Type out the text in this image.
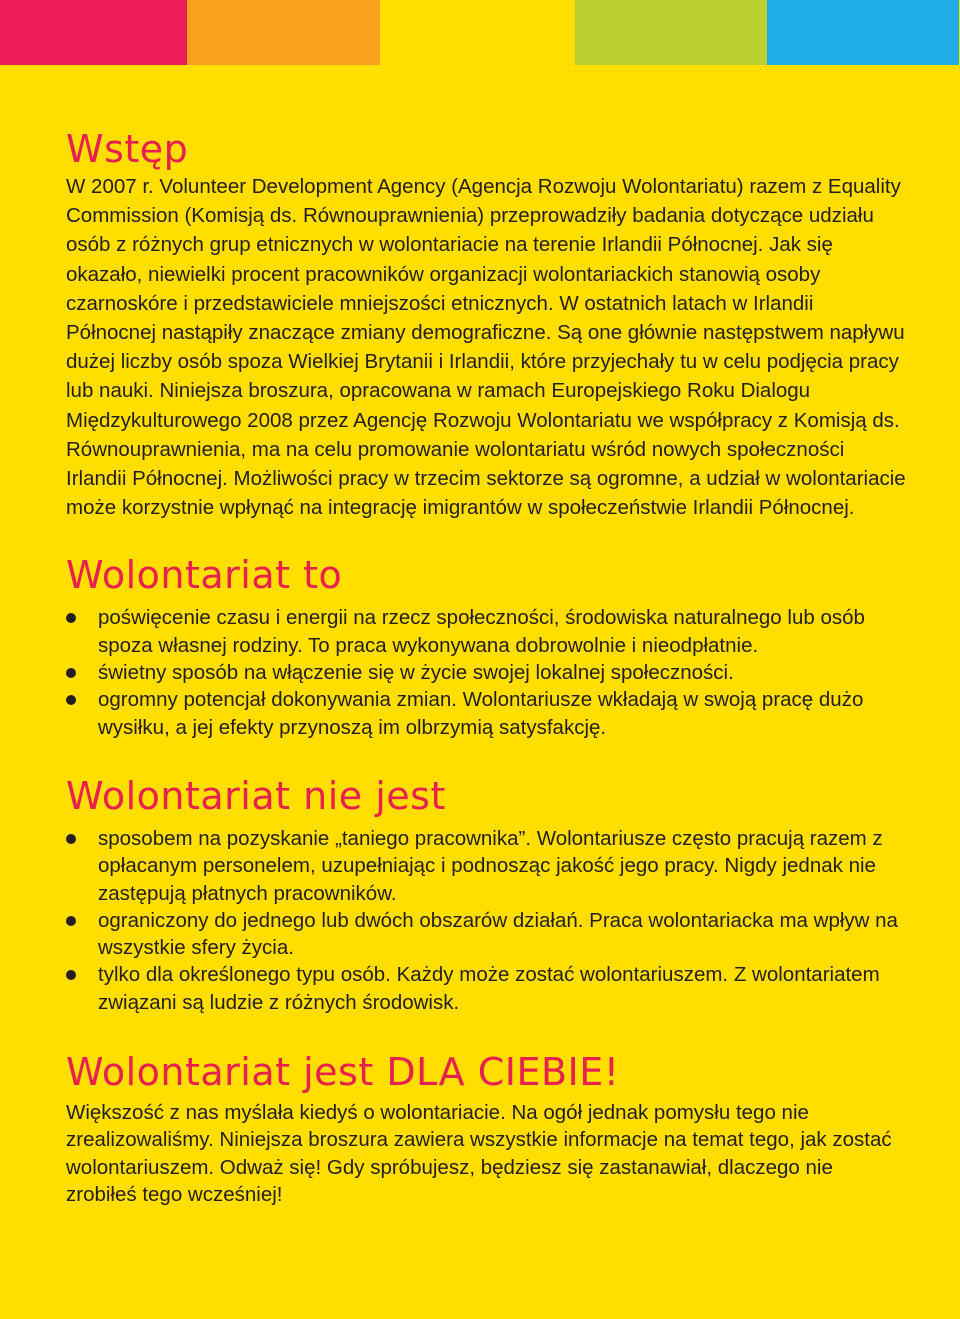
Wstęp

W 2007 r. Volunteer Development Agency (Agencja Rozwoju Wolontariatu) razem z Equality Commission (Komisją ds. Równouprawnienia) przeprowadziły badania dotyczące udziału osób z różnych grup etnicznych w wolontariacie na terenie Irlandii Północnej. Jak się okazało, niewielki procent pracowników organizacji wolontariackich stanowią osoby czarnoskóre i przedstawiciele mniejszości etnicznych. W ostatnich latach w Irlandii Północnej nastąpiły znaczące zmiany demograficzne. Są one głównie następstwem napływu dużej liczby osób spoza Wielkiej Brytanii i Irlandii, które przyjechały tu w celu podjęcia pracy lub nauki. Niniejsza broszura, opracowana w ramach Europejskiego Roku Dialogu Międzykulturowego 2008 przez Agencję Rozwoju Wolontariatu we współpracy z Komisją ds. Równouprawnienia, ma na celu promowanie wolontariatu wśród nowych społeczności Irlandii Północnej. Możliwości pracy w trzecim sektorze są ogromne, a udział w wolontariacie może korzystnie wpłynąć na integrację imigrantów w społeczeństwie Irlandii Północnej.

Wolontariat to
poświęcenie czasu i energii na rzecz społeczności, środowiska naturalnego lub osób spoza własnej rodziny. To praca wykonywana dobrowolnie i nieodpłatnie.
świetny sposób na włączenie się w życie swojej lokalnej społeczności.
ogromny potencjał dokonywania zmian. Wolontariusze wkładają w swoją pracę dużo wysiłku, a jej efekty przynoszą im olbrzymią satysfakcję.
Wolontariat nie jest
sposobem na pozyskanie „taniego pracownika”. Wolontariusze często pracują razem z opłacanym personelem, uzupełniając i podnosząc jakość jego pracy. Nigdy jednak nie zastępują płatnych pracowników.
ograniczony do jednego lub dwóch obszarów działań. Praca wolontariacka ma wpływ na wszystkie sfery życia.
tylko dla określonego typu osób. Każdy może zostać wolontariuszem. Z wolontariatem związani są ludzie z różnych środowisk.
Wolontariat jest DLA CIEBIE!

Większość z nas myślała kiedyś o wolontariacie. Na ogół jednak pomysłu tego nie zrealizowaliśmy. Niniejsza broszura zawiera wszystkie informacje na temat tego, jak zostać wolontariuszem. Odważ się! Gdy spróbujesz, będziesz się zastanawiał, dlaczego nie zrobiłeś tego wcześniej!
